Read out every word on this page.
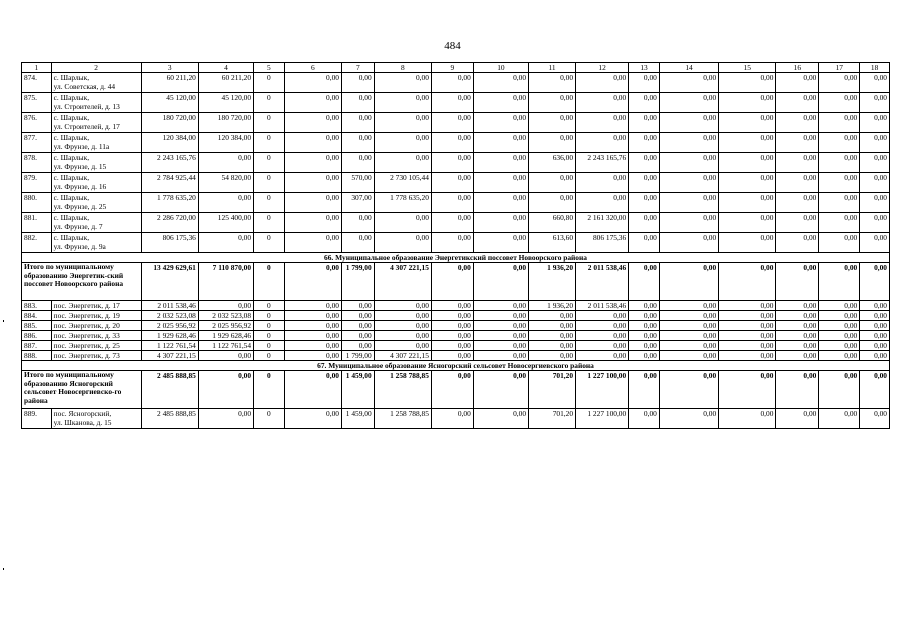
484
1	2	3	4	5	6	7	8	9	10	11	12	13	14	15	16	17	18
874.	с. Шарлык,
ул. Советская, д. 44	60 211,20	60 211,20	0	0,00	0,00	0,00	0,00	0,00	0,00	0,00	0,00	0,00	0,00	0,00	0,00	0,00
875.	с. Шарлык,
ул. Строителей, д. 13	45 120,00	45 120,00	0	0,00	0,00	0,00	0,00	0,00	0,00	0,00	0,00	0,00	0,00	0,00	0,00	0,00
876.	с. Шарлык,
ул. Строителей, д. 17	180 720,00	180 720,00	0	0,00	0,00	0,00	0,00	0,00	0,00	0,00	0,00	0,00	0,00	0,00	0,00	0,00
877.	с. Шарлык,
ул. Фрунзе, д. 11а	120 384,00	120 384,00	0	0,00	0,00	0,00	0,00	0,00	0,00	0,00	0,00	0,00	0,00	0,00	0,00	0,00
878.	с. Шарлык,
ул. Фрунзе, д. 15	2 243 165,76	0,00	0	0,00	0,00	0,00	0,00	0,00	636,00	2 243 165,76	0,00	0,00	0,00	0,00	0,00	0,00
879.	с. Шарлык,
ул. Фрунзе, д. 16	2 784 925,44	54 820,00	0	0,00	570,00	2 730 105,44	0,00	0,00	0,00	0,00	0,00	0,00	0,00	0,00	0,00	0,00
880.	с. Шарлык,
ул. Фрунзе, д. 25	1 778 635,20	0,00	0	0,00	307,00	1 778 635,20	0,00	0,00	0,00	0,00	0,00	0,00	0,00	0,00	0,00	0,00
881.	с. Шарлык,
ул. Фрунзе, д. 7	2 286 720,00	125 400,00	0	0,00	0,00	0,00	0,00	0,00	660,80	2 161 320,00	0,00	0,00	0,00	0,00	0,00	0,00
882.	с. Шарлык,
ул. Фрунзе, д. 9а	806 175,36	0,00	0	0,00	0,00	0,00	0,00	0,00	613,60	806 175,36	0,00	0,00	0,00	0,00	0,00	0,00
66. Муниципальное образование Энергетикский поссовет Новоорского района																	
Итого по муниципальному образованию Энергетик-ский поссовет Новоорского района		13 429 629,61	7 110 870,00	0	0,00	1 799,00	4 307 221,15	0,00	0,00	1 936,20	2 011 538,46	0,00	0,00	0,00	0,00	0,00	0,00
883.	пос. Энергетик, д. 17	2 011 538,46	0,00	0	0,00	0,00	0,00	0,00	0,00	1 936,20	2 011 538,46	0,00	0,00	0,00	0,00	0,00	0,00
884.	пос. Энергетик, д. 19	2 032 523,08	2 032 523,08	0	0,00	0,00	0,00	0,00	0,00	0,00	0,00	0,00	0,00	0,00	0,00	0,00	0,00
885.	пос. Энергетик, д. 20	2 025 956,92	2 025 956,92	0	0,00	0,00	0,00	0,00	0,00	0,00	0,00	0,00	0,00	0,00	0,00	0,00	0,00
886.	пос. Энергетик, д. 33	1 929 628,46	1 929 628,46	0	0,00	0,00	0,00	0,00	0,00	0,00	0,00	0,00	0,00	0,00	0,00	0,00	0,00
887.	пос. Энергетик, д. 25	1 122 761,54	1 122 761,54	0	0,00	0,00	0,00	0,00	0,00	0,00	0,00	0,00	0,00	0,00	0,00	0,00	0,00
888.	пос. Энергетик, д. 73	4 307 221,15	0,00	0	0,00	1 799,00	4 307 221,15	0,00	0,00	0,00	0,00	0,00	0,00	0,00	0,00	0,00	0,00
67. Муниципальное образование Ясногорский сельсовет Новосергиевского района																	
Итого по муниципальному образованию Ясногорский сельсовет Новосергиевско-го района		2 485 888,85	0,00	0	0,00	1 459,00	1 258 788,85	0,00	0,00	701,20	1 227 100,00	0,00	0,00	0,00	0,00	0,00	0,00
889.	пос. Ясногорский,
ул. Шканова, д. 15	2 485 888,85	0,00	0	0,00	1 459,00	1 258 788,85	0,00	0,00	701,20	1 227 100,00	0,00	0,00	0,00	0,00	0,00	0,00
